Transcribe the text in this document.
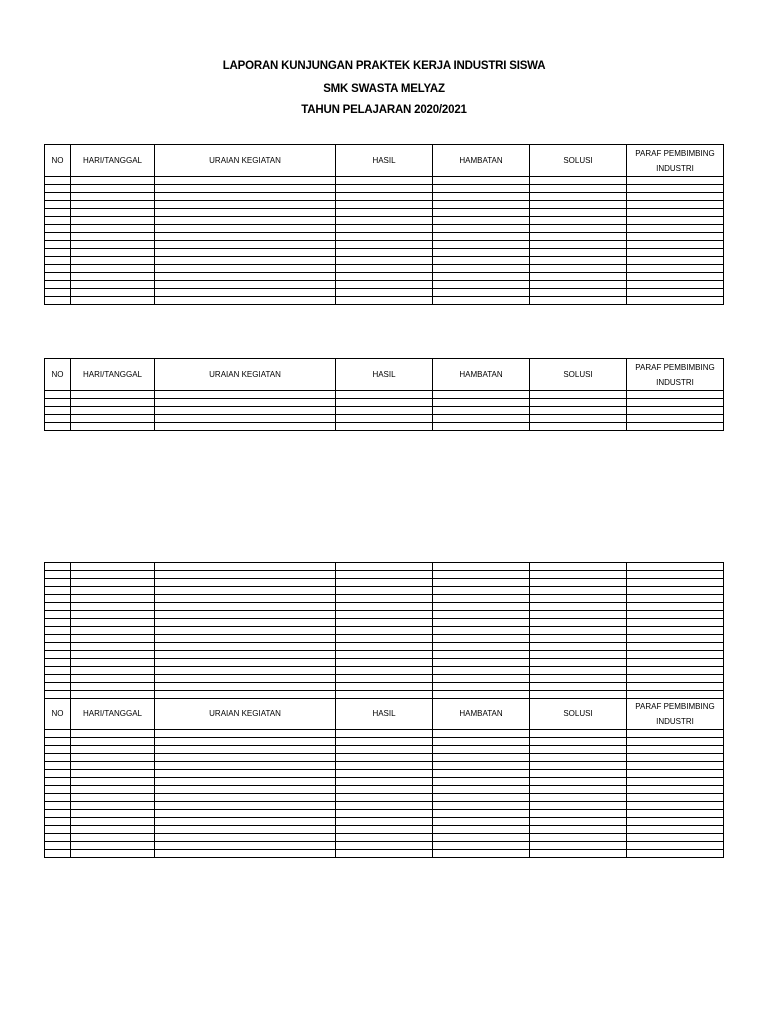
LAPORAN KUNJUNGAN PRAKTEK KERJA INDUSTRI SISWA
SMK SWASTA MELYAZ
TAHUN PELAJARAN 2020/2021
NO	HARI/TANGGAL	URAIAN KEGIATAN	HASIL	HAMBATAN	SOLUSI	PARAF PEMBIMBING
INDUSTRI

NO	HARI/TANGGAL	URAIAN KEGIATAN	HASIL	HAMBATAN	SOLUSI	PARAF PEMBIMBING
INDUSTRI

NO	HARI/TANGGAL	URAIAN KEGIATAN	HASIL	HAMBATAN	SOLUSI	PARAF PEMBIMBING
INDUSTRI
